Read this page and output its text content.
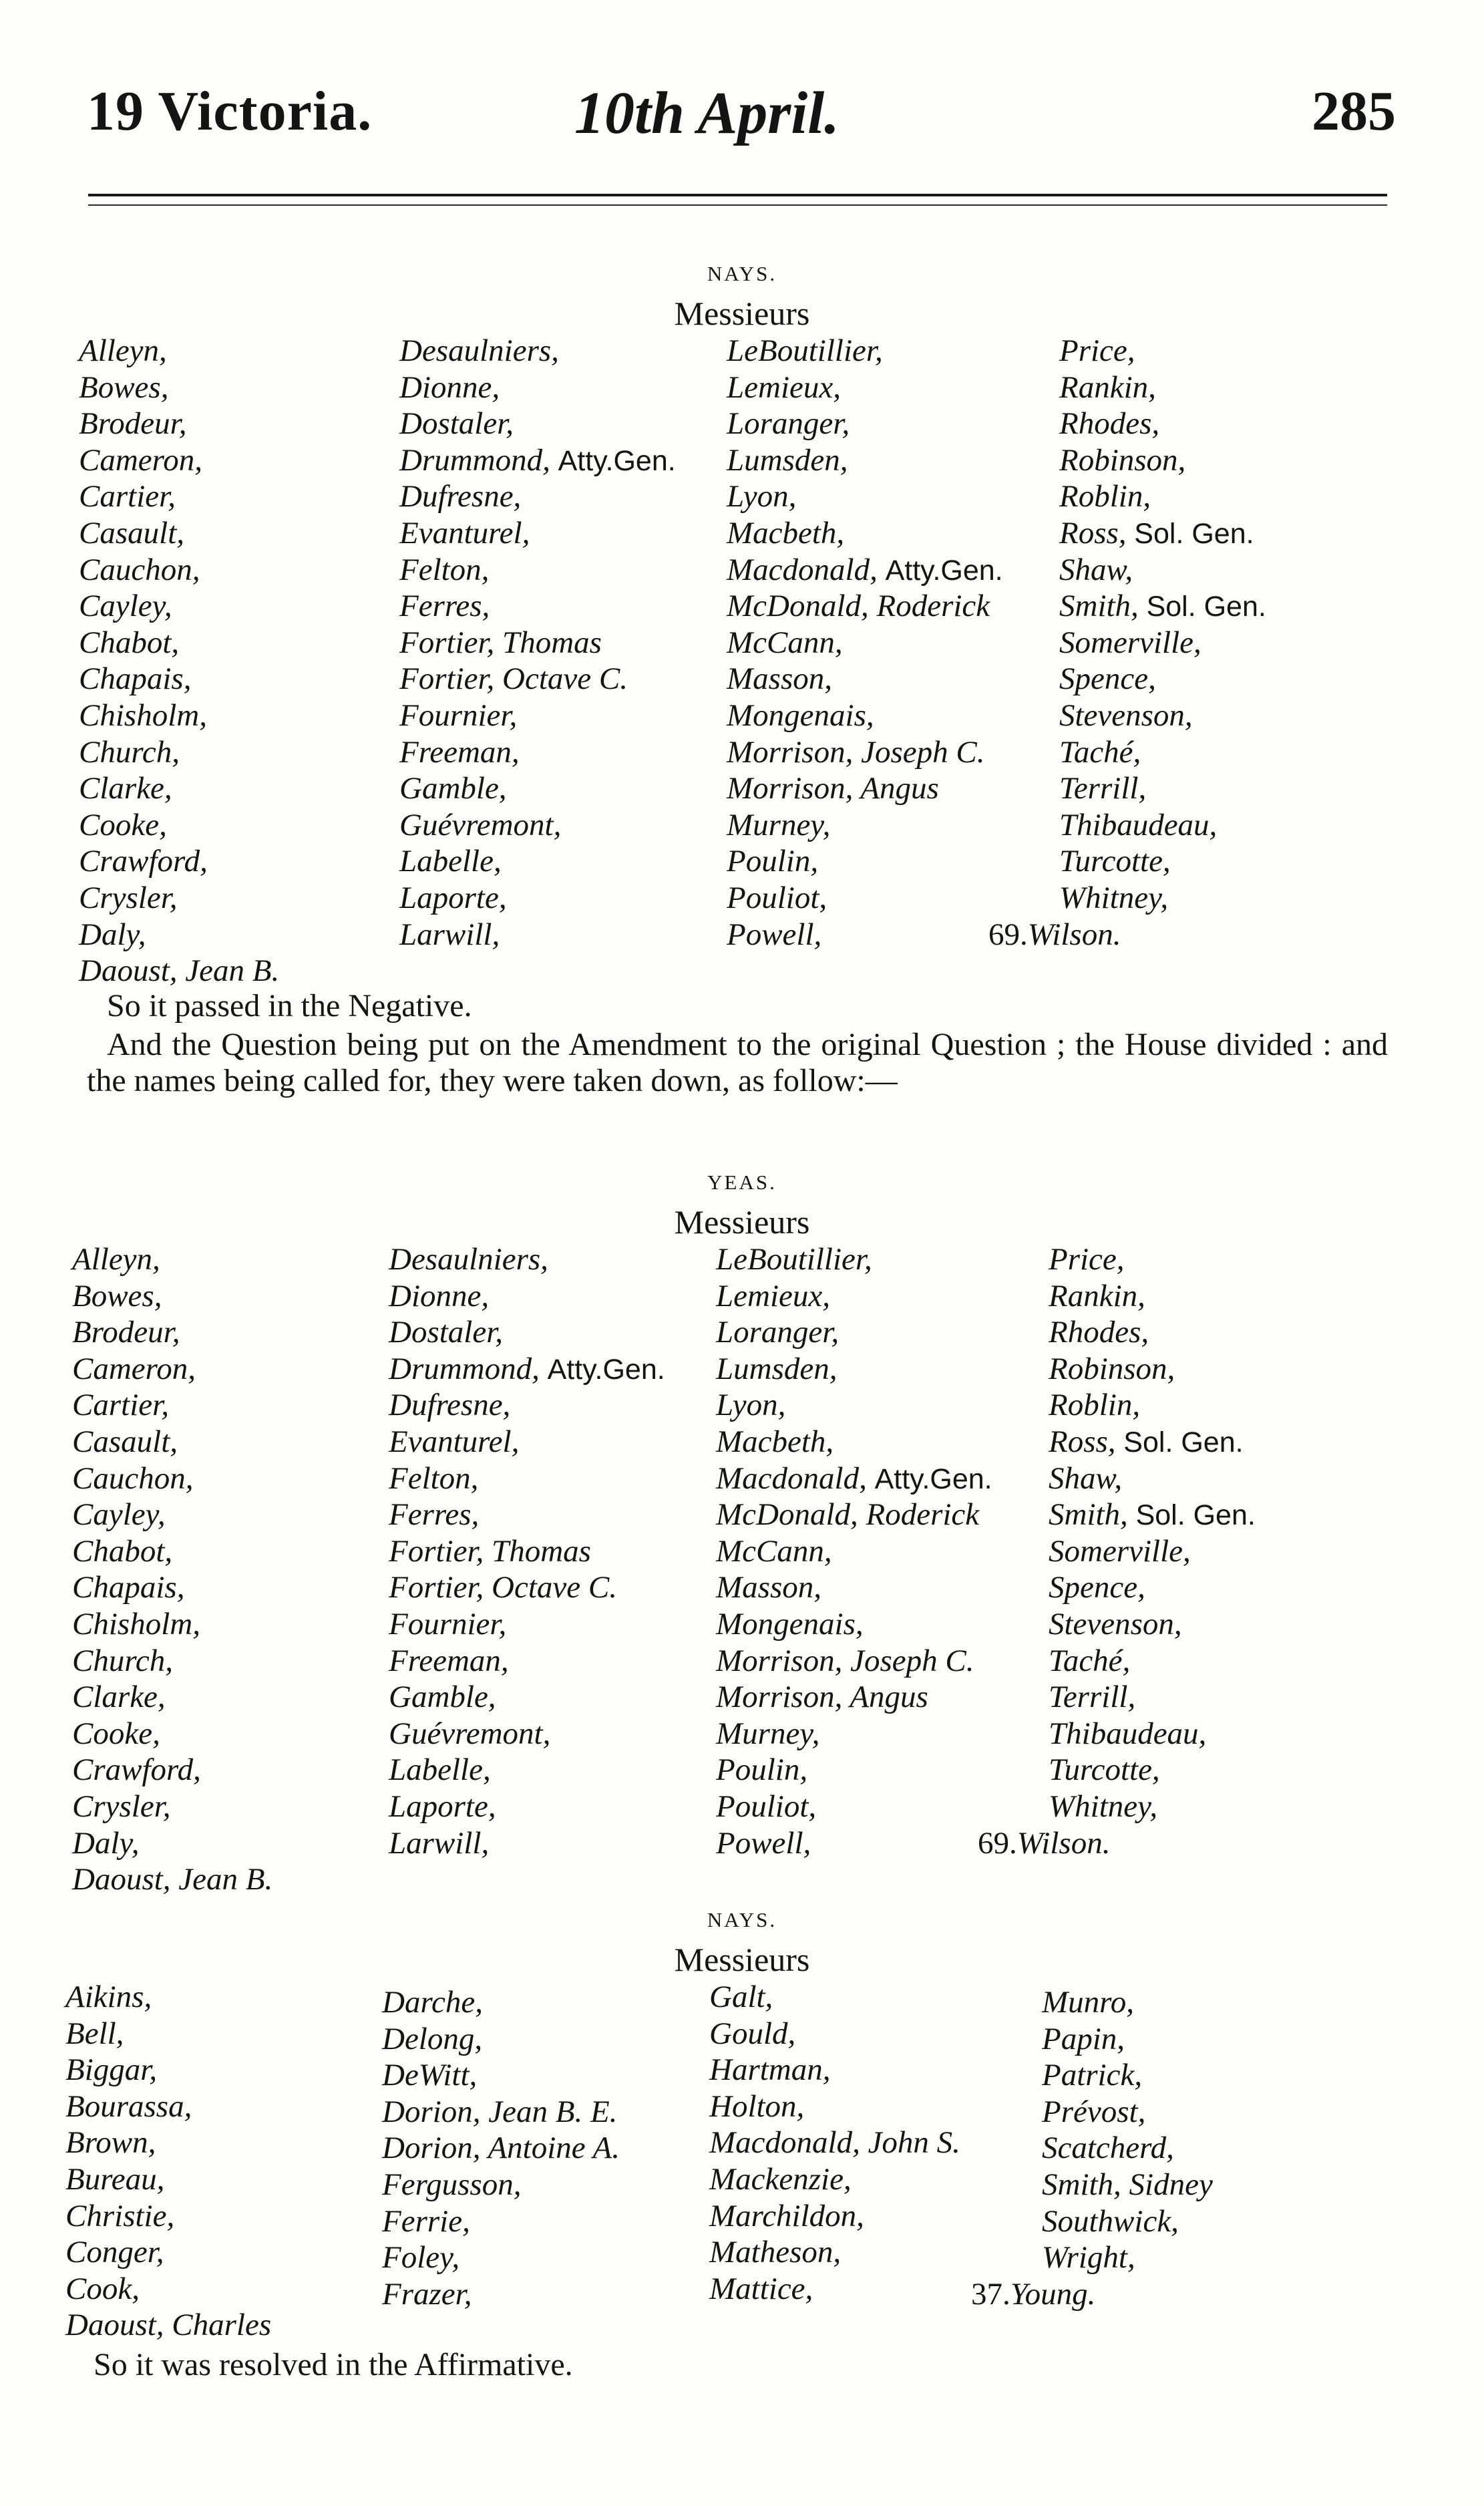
19 Victoria.	10th April.	285
NAYS.
Messieurs
Alleyn,
Bowes,
Brodeur,
Cameron,
Cartier,
Casault,
Cauchon,
Cayley,
Chabot,
Chapais,
Chisholm,
Church,
Clarke,
Cooke,
Crawford,
Crysler,
Daly,
Daoust, Jean B.
Desaulniers,
Dionne,
Dostaler,
Drummond, Atty.Gen.
Dufresne,
Evanturel,
Felton,
Ferres,
Fortier, Thomas
Fortier, Octave C.
Fournier,
Freeman,
Gamble,
Guévremont,
Labelle,
Laporte,
Larwill,
LeBoutillier,
Lemieux,
Loranger,
Lumsden,
Lyon,
Macbeth,
Macdonald, Atty.Gen.
McDonald, Roderick
McCann,
Masson,
Mongenais,
Morrison, Joseph C.
Morrison, Angus
Murney,
Poulin,
Pouliot,
Powell,
Price,
Rankin,
Rhodes,
Robinson,
Roblin,
Ross, Sol. Gen.
Shaw,
Smith, Sol. Gen.
Somerville,
Spence,
Stevenson,
Taché,
Terrill,
Thibaudeau,
Turcotte,
Whitney,
69.Wilson.
So it passed in the Negative.
And the Question being put on the Amendment to the original Question ; the House divided : and the names being called for, they were taken down, as follow:—
YEAS.
Messieurs
Alleyn,
Bowes,
Brodeur,
Cameron,
Cartier,
Casault,
Cauchon,
Cayley,
Chabot,
Chapais,
Chisholm,
Church,
Clarke,
Cooke,
Crawford,
Crysler,
Daly,
Daoust, Jean B.
Desaulniers,
Dionne,
Dostaler,
Drummond, Atty.Gen.
Dufresne,
Evanturel,
Felton,
Ferres,
Fortier, Thomas
Fortier, Octave C.
Fournier,
Freeman,
Gamble,
Guévremont,
Labelle,
Laporte,
Larwill,
LeBoutillier,
Lemieux,
Loranger,
Lumsden,
Lyon,
Macbeth,
Macdonald, Atty.Gen.
McDonald, Roderick
McCann,
Masson,
Mongenais,
Morrison, Joseph C.
Morrison, Angus
Murney,
Poulin,
Pouliot,
Powell,
Price,
Rankin,
Rhodes,
Robinson,
Roblin,
Ross, Sol. Gen.
Shaw,
Smith, Sol. Gen.
Somerville,
Spence,
Stevenson,
Taché,
Terrill,
Thibaudeau,
Turcotte,
Whitney,
69.Wilson.
NAYS.
Messieurs
Aikins,
Bell,
Biggar,
Bourassa,
Brown,
Bureau,
Christie,
Conger,
Cook,
Daoust, Charles
Darche,
Delong,
DeWitt,
Dorion, Jean B. E.
Dorion, Antoine A.
Fergusson,
Ferrie,
Foley,
Frazer,
Galt,
Gould,
Hartman,
Holton,
Macdonald, John S.
Mackenzie,
Marchildon,
Matheson,
Mattice,
Munro,
Papin,
Patrick,
Prévost,
Scatcherd,
Smith, Sidney
Southwick,
Wright,
37.Young.
So it was resolved in the Affirmative.
